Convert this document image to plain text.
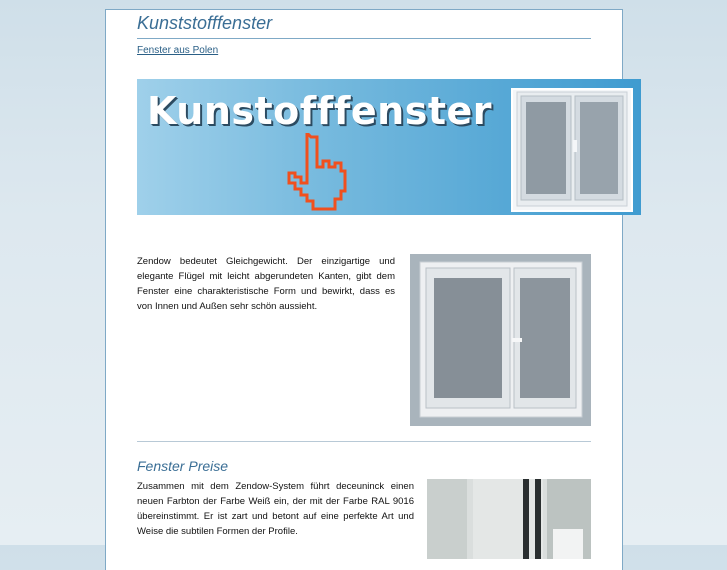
Kunststofffenster
Fenster aus Polen
Kunstofffenster

Zendow bedeutet Gleichgewicht. Der einzigartige und elegante Flügel mit leicht abgerundeten Kanten, gibt dem Fenster eine charakteristische Form und bewirkt, dass es von Innen und Außen sehr schön aussieht.

Fenster Preise

Zusammen mit dem Zendow-System führt deceuninck einen neuen Farbton der Farbe Weiß ein, der mit der Farbe RAL 9016 übereinstimmt. Er ist zart und betont auf eine perfekte Art und Weise die subtilen Formen der Profile.
